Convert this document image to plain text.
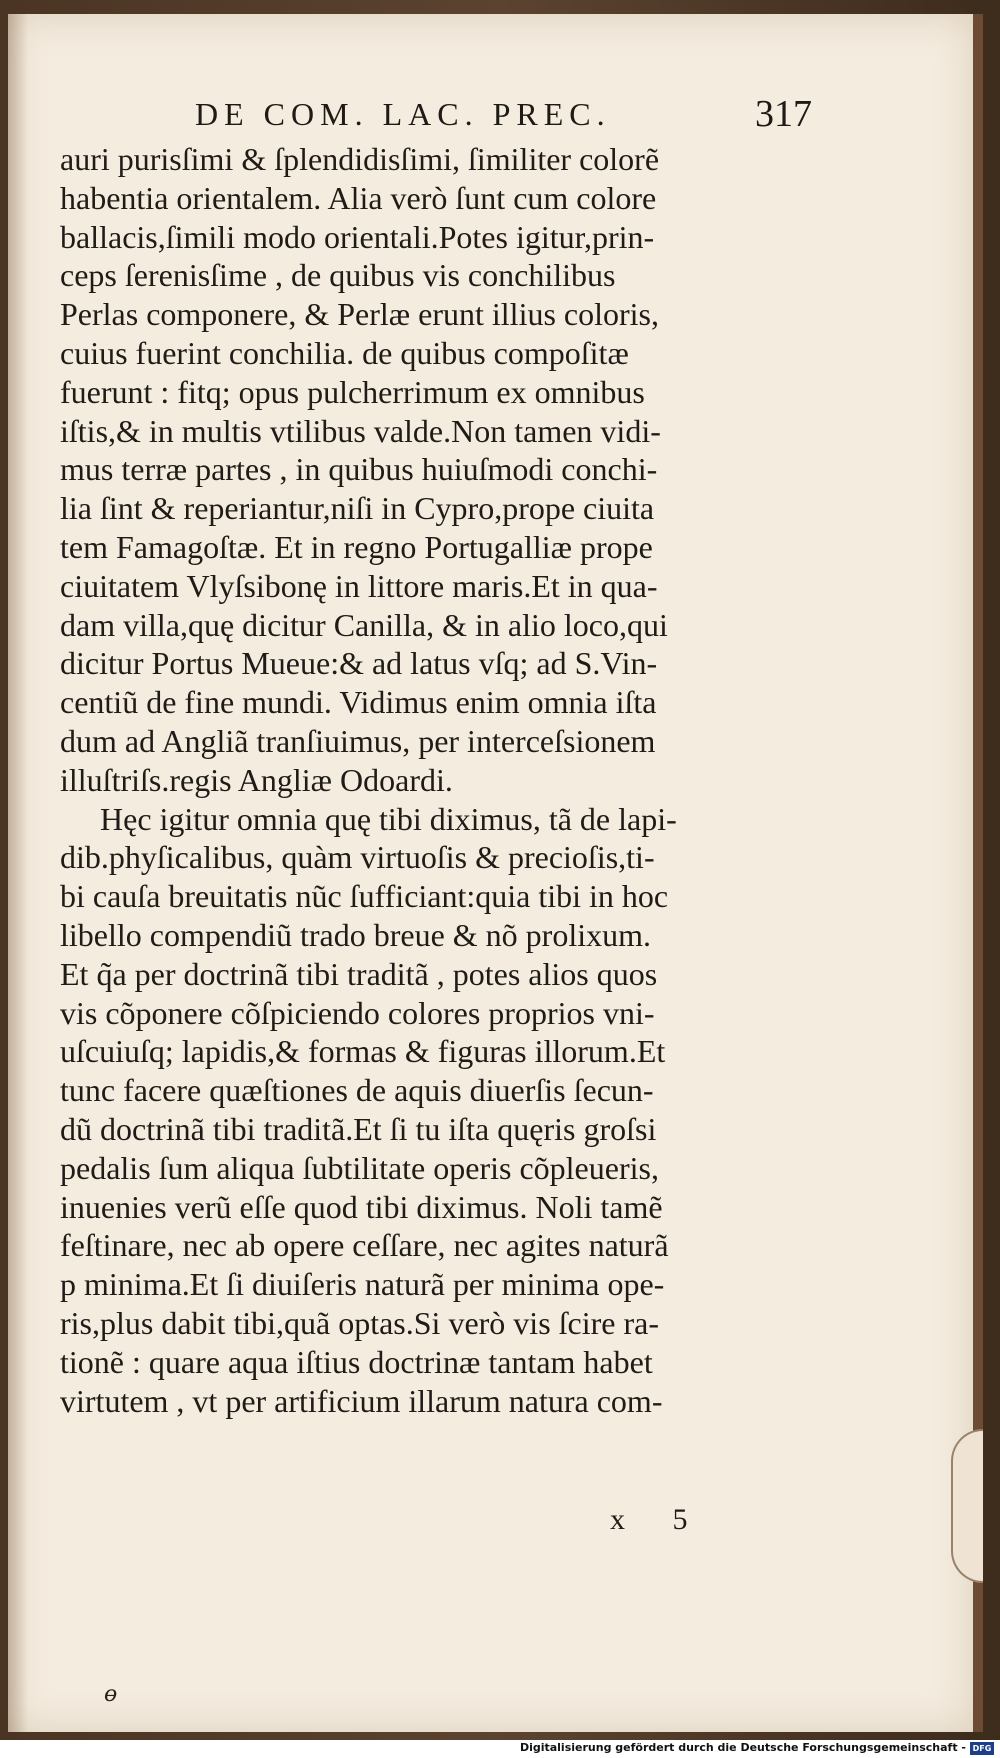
DE COM. LAC. PREC.	317
auri purisſimi & ſplendidisſimi, ſimiliter colorẽ
habentia orientalem. Alia verò ſunt cum colore
ballacis,ſimili modo orientali.Potes igitur,prin-
ceps ſerenisſime , de quibus vis conchilibus
Perlas componere, & Perlæ erunt illius coloris,
cuius fuerint conchilia. de quibus compoſitæ
fuerunt : fitq; opus pulcherrimum ex omnibus
iſtis,& in multis vtilibus valde.Non tamen vidi-
mus terræ partes , in quibus huiuſmodi conchi-
lia ſint & reperiantur,niſi in Cypro,prope ciuita
tem Famagoſtæ. Et in regno Portugalliæ prope
ciuitatem Vlyſsibonę in littore maris.Et in qua-
dam villa,quę dicitur Canilla, & in alio loco,qui
dicitur Portus Mueue:& ad latus vſq; ad S.Vin-
centiũ de fine mundi. Vidimus enim omnia iſta
dum ad Angliã tranſiuimus, per interceſsionem
illuſtriſs.regis Angliæ Odoardi.
Hęc igitur omnia quę tibi diximus, tã de lapi-
dib.phyſicalibus, quàm virtuoſis & precioſis,ti-
bi cauſa breuitatis nũc ſufficiant:quia tibi in hoc
libello compendiũ trado breue & nõ prolixum.
Et q̃a per doctrinã tibi traditã , potes alios quos
vis cõponere cõſpiciendo colores proprios vni-
uſcuiuſq; lapidis,& formas & figuras illorum.Et
tunc facere quæſtiones de aquis diuerſis ſecun-
dũ doctrinã tibi traditã.Et ſi tu iſta quęris groſsi
pedalis ſum aliqua ſubtilitate operis cõpleueris,
inuenies verũ eſſe quod tibi diximus. Noli tamẽ
feſtinare, nec ab opere ceſſare, nec agites naturã
p minima.Et ſi diuiſeris naturã per minima ope-
ris,plus dabit tibi,quã optas.Si verò vis ſcire ra-
tionẽ : quare aqua iſtius doctrinæ tantam habet
virtutem , vt per artificium illarum natura com-
x 5
ɵ
Digitalisierung gefördert durch die Deutsche Forschungsgemeinschaft - DFG
